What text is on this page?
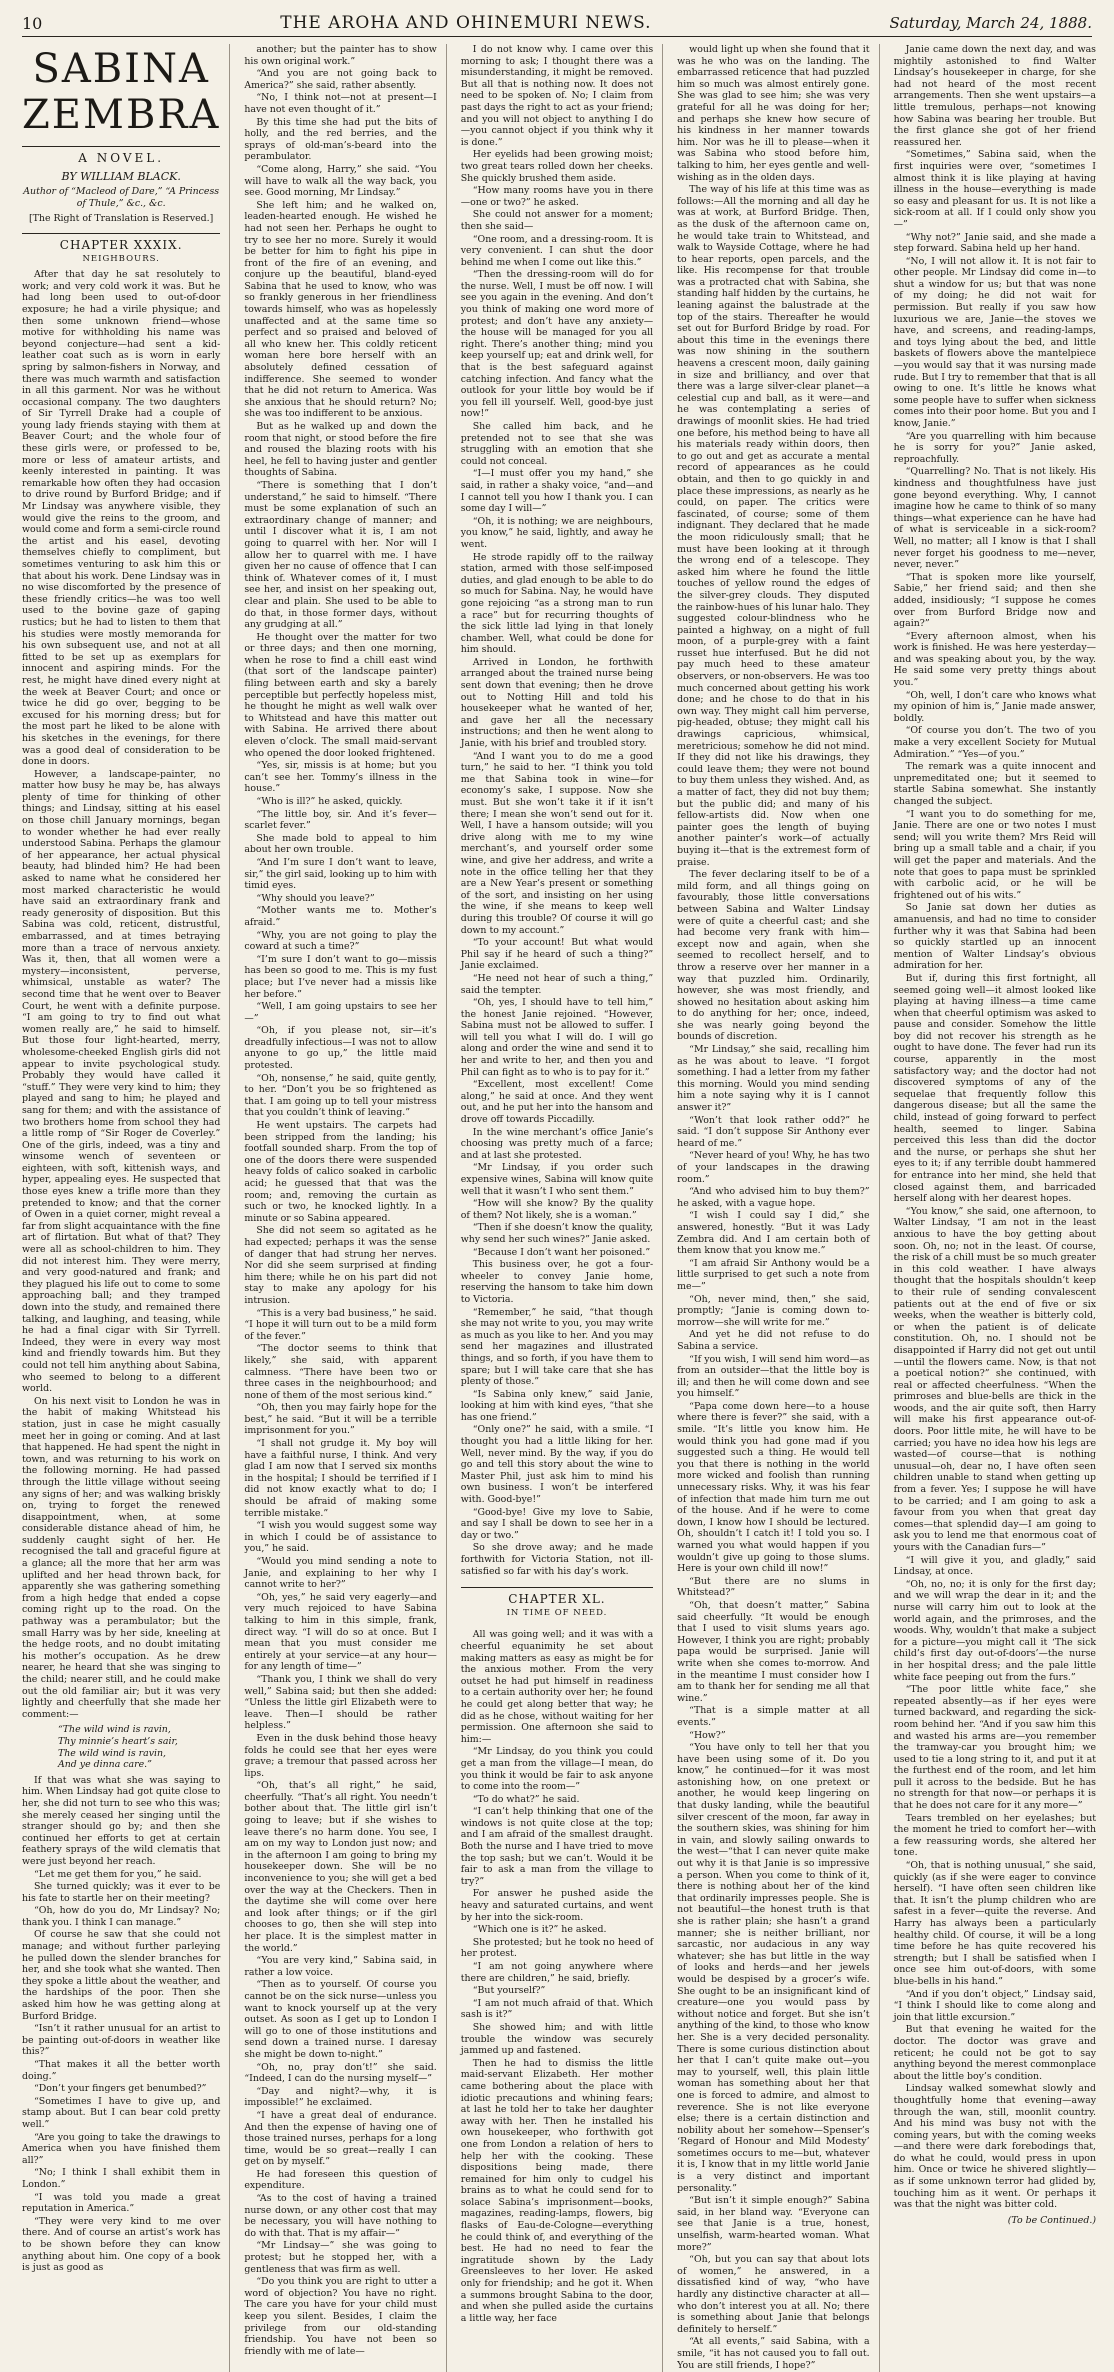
10	THE AROHA AND OHINEMURI NEWS.	Saturday, March 24, 1888.
SABINA ZEMBRA
A NOVEL.
BY WILLIAM BLACK.
Author of “Macleod of Dare,” “A Princess of Thule,” &c., &c.
[The Right of Translation is Reserved.]
CHAPTER XXXIX.
NEIGHBOURS.

After that day he sat resolutely to work; and very cold work it was. But he had long been used to out-of-door exposure; he had a virile physique; and then some unknown friend—whose motive for withholding his name was beyond conjecture—had sent a kid-leather coat such as is worn in early spring by salmon-fishers in Norway, and there was much warmth and satisfaction in all this garment. Nor was he without occasional company. The two daughters of Sir Tyrrell Drake had a couple of young lady friends staying with them at Beaver Court; and the whole four of these girls were, or professed to be, more or less of amateur artists, and keenly interested in painting. It was remarkable how often they had occasion to drive round by Burford Bridge; and if Mr Lindsay was anywhere visible, they would give the reins to the groom, and would come and form a semi-circle round the artist and his easel, devoting themselves chiefly to compliment, but sometimes venturing to ask him this or that about his work. Dene Lindsay was in no wise discomforted by the presence of these friendly critics—he was too well used to the bovine gaze of gaping rustics; but he had to listen to them that his studies were mostly memoranda for his own subsequent use, and not at all fitted to be set up as exemplars for innocent and aspiring minds. For the rest, he might have dined every night at the week at Beaver Court; and once or twice he did go over, begging to be excused for his morning dress; but for the most part he liked to be alone with his sketches in the evenings, for there was a good deal of consideration to be done in doors.

However, a landscape-painter, no matter how busy he may be, has always plenty of time for thinking of other things; and Lindsay, sitting at his easel on those chill January mornings, began to wonder whether he had ever really understood Sabina. Perhaps the glamour of her appearance, her actual physical beauty, had blinded him? He had been asked to name what he considered her most marked characteristic he would have said an extraordinary frank and ready generosity of disposition. But this Sabina was cold, reticent, distrustful, embarrassed, and at times betraying more than a trace of nervous anxiety. Was it, then, that all women were a mystery—inconsistent, perverse, whimsical, unstable as water? The second time that he went over to Beaver Court, he went with a definite purpose. “I am going to try to find out what women really are,” he said to himself. But those four light-hearted, merry, wholesome-cheeked English girls did not appear to invite psychological study. Probably they would have called it “stuff.” They were very kind to him; they played and sang to him; he played and sang for them; and with the assistance of two brothers home from school they had a little romp of “Sir Roger de Coverley.” One of the girls, indeed, was a tiny and winsome wench of seventeen or eighteen, with soft, kittenish ways, and hyper, appealing eyes. He suspected that those eyes knew a trifle more than they pretended to know; and that the corner of Owen in a quiet corner, might reveal a far from slight acquaintance with the fine art of flirtation. But what of that? They were all as school-children to him. They did not interest him. They were merry, and very good-natured and frank; and they plagued his life out to come to some approaching ball; and they tramped down into the study, and remained there talking, and laughing, and teasing, while he had a final cigar with Sir Tyrrell. Indeed, they were in every way most kind and friendly towards him. But they could not tell him anything about Sabina, who seemed to belong to a different world.

On his next visit to London he was in the habit of making Whitstead his station, just in case he might casually meet her in going or coming. And at last that happened. He had spent the night in town, and was returning to his work on the following morning. He had passed through the little village without seeing any signs of her; and was walking briskly on, trying to forget the renewed disappointment, when, at some considerable distance ahead of him, he suddenly caught sight of her. He recognised the tall and graceful figure at a glance; all the more that her arm was uplifted and her head thrown back, for apparently she was gathering something from a high hedge that ended a copse coming right up to the road. On the pathway was a perambulator; but the small Harry was by her side, kneeling at the hedge roots, and no doubt imitating his mother’s occupation. As he drew nearer, he heard that she was singing to the child; nearer still, and he could make out the old familiar air; but it was very lightly and cheerfully that she made her comment:—

“The wild wind is ravin,
Thy minnie’s heart’s sair,
The wild wind is ravin,
And ye dinna care.”

If that was what she was saying to him. When Lindsay had got quite close to her, she did not turn to see who this was; she merely ceased her singing until the stranger should go by; and then she continued her efforts to get at certain feathery sprays of the wild clematis that were just beyond her reach.

“Let me get them for you,” he said.

She turned quickly; was it ever to be his fate to startle her on their meeting?

“Oh, how do you do, Mr Lindsay? No; thank you. I think I can manage.”

Of course he saw that she could not manage; and without further parleying he pulled down the slender branches for her, and she took what she wanted. Then they spoke a little about the weather, and the hardships of the poor. Then she asked him how he was getting along at Burford Bridge.

“Isn’t it rather unusual for an artist to be painting out-of-doors in weather like this?”

“That makes it all the better worth doing.”

“Don’t your fingers get benumbed?”

“Sometimes I have to give up, and stamp about. But I can bear cold pretty well.”

“Are you going to take the drawings to America when you have finished them all?”

“No; I think I shall exhibit them in London.”

“I was told you made a great reputation in America.”

“They were very kind to me over there. And of course an artist’s work has to be shown before they can know anything about him. One copy of a book is just as good as

another; but the painter has to show his own original work.”

“And you are not going back to America?” she said, rather absently.

“No, I think not—not at present—I have not even thought of it.”

By this time she had put the bits of holly, and the red berries, and the sprays of old-man’s-beard into the perambulator.

“Come along, Harry,” she said. “You will have to walk all the way back, you see. Good morning, Mr Lindsay.”

She left him; and he walked on, leaden-hearted enough. He wished he had not seen her. Perhaps he ought to try to see her no more. Surely it would be better for him to fight his pipe in front of the fire of an evening, and conjure up the beautiful, bland-eyed Sabina that he used to know, who was so frankly generous in her friendliness towards himself, who was as hopelessly unaffected and at the same time so perfect and so praised and beloved of all who knew her. This coldly reticent woman here bore herself with an absolutely defined cessation of indifference. She seemed to wonder that he did not return to America. Was she anxious that he should return? No; she was too indifferent to be anxious.

But as he walked up and down the room that night, or stood before the fire and roused the blazing roots with his heel, he fell to having juster and gentler thoughts of Sabina.

“There is something that I don’t understand,” he said to himself. “There must be some explanation of such an extraordinary change of manner; and until I discover what it is, I am not going to quarrel with her. Nor will I allow her to quarrel with me. I have given her no cause of offence that I can think of. Whatever comes of it, I must see her, and insist on her speaking out, clear and plain. She used to be able to do that, in those former days, without any grudging at all.”

He thought over the matter for two or three days; and then one morning, when he rose to find a chill east wind (that sort of the landscape painter) filing between earth and sky a barely perceptible but perfectly hopeless mist, he thought he might as well walk over to Whitstead and have this matter out with Sabina. He arrived there about eleven o’clock. The small maid-servant who opened the door looked frightened.

“Yes, sir, missis is at home; but you can’t see her. Tommy’s illness in the house.”

“Who is ill?” he asked, quickly.

“The little boy, sir. And it’s fever—scarlet fever.”

She made bold to appeal to him about her own trouble.

“And I’m sure I don’t want to leave, sir,” the girl said, looking up to him with timid eyes.

“Why should you leave?”

“Mother wants me to. Mother’s afraid.”

“Why, you are not going to play the coward at such a time?”

“I’m sure I don’t want to go—missis has been so good to me. This is my fust place; but I’ve never had a missis like her before.”

“Well, I am going upstairs to see her—”

“Oh, if you please not, sir—it’s dreadfully infectious—I was not to allow anyone to go up,” the little maid protested.

“Oh, nonsense,” he said, quite gently, to her. “Don’t you be so frightened as that. I am going up to tell your mistress that you couldn’t think of leaving.”

He went upstairs. The carpets had been stripped from the landing; his footfall sounded sharp. From the top of one of the doors there were suspended heavy folds of calico soaked in carbolic acid; he guessed that that was the room; and, removing the curtain as such or two, he knocked lightly. In a minute or so Sabina appeared.

She did not seem so agitated as he had expected; perhaps it was the sense of danger that had strung her nerves. Nor did she seem surprised at finding him there; while he on his part did not stay to make any apology for his intrusion.

“This is a very bad business,” he said. “I hope it will turn out to be a mild form of the fever.”

“The doctor seems to think that likely,” she said, with apparent calmness. “There have been two or three cases in the neighbourhood; and none of them of the most serious kind.”

“Oh, then you may fairly hope for the best,” he said. “But it will be a terrible imprisonment for you.”

“I shall not grudge it. My boy will have a faithful nurse, I think. And very glad I am now that I served six months in the hospital; I should be terrified if I did not know exactly what to do; I should be afraid of making some terrible mistake.”

“I wish you would suggest some way in which I could be of assistance to you,” he said.

“Would you mind sending a note to Janie, and explaining to her why I cannot write to her?”

“Oh, yes,” he said very eagerly—and very much rejoiced to have Sabina talking to him in this simple, frank, direct way. “I will do so at once. But I mean that you must consider me entirely at your service—at any hour—for any length of time—”

“Thank you, I think we shall do very well,” Sabina said; but then she added: “Unless the little girl Elizabeth were to leave. Then—I should be rather helpless.”

Even in the dusk behind those heavy folds he could see that her eyes were grave; a tremour that passed across her lips.

“Oh, that’s all right,” he said, cheerfully. “That’s all right. You needn’t bother about that. The little girl isn’t going to leave; but if she wishes to leave there’s no harm done. You see, I am on my way to London just now; and in the afternoon I am going to bring my housekeeper down. She will be no inconvenience to you; she will get a bed over the way at the Checkers. Then in the daytime she will come over here and look after things; or if the girl chooses to go, then she will step into her place. It is the simplest matter in the world.”

“You are very kind,” Sabina said, in rather a low voice.

“Then as to yourself. Of course you cannot be on the sick nurse—unless you want to knock yourself up at the very outset. As soon as I get up to London I will go to one of those institutions and send down a trained nurse. I daresay she might be down to-night.”

“Oh, no, pray don’t!” she said. “Indeed, I can do the nursing myself—”

“Day and night?—why, it is impossible!” he exclaimed.

“I have a great deal of endurance. And then the expense of having one of those trained nurses, perhaps for a long time, would be so great—really I can get on by myself.”

He had foreseen this question of expenditure.

“As to the cost of having a trained nurse down, or any other cost that may be necessary, you will have nothing to do with that. That is my affair—”

“Mr Lindsay—” she was going to protest; but he stopped her, with a gentleness that was firm as well.

“Do you think you are right to utter a word of objection? You have no right. The care you have for your child must keep you silent. Besides, I claim the privilege from our old-standing friendship. You have not been so friendly with me of late—

I do not know why. I came over this morning to ask; I thought there was a misunderstanding, it might be removed. But all that is nothing now. It does not need to be spoken of. No; I claim from past days the right to act as your friend; and you will not object to anything I do—you cannot object if you think why it is done.”

Her eyelids had been growing moist; two great tears rolled down her cheeks. She quickly brushed them aside.

“How many rooms have you in there—one or two?” he asked.

She could not answer for a moment; then she said—

“One room, and a dressing-room. It is very convenient. I can shut the door behind me when I come out like this.”

“Then the dressing-room will do for the nurse. Well, I must be off now. I will see you again in the evening. And don’t you think of making one word more of protest; and don’t have any anxiety—the house will be managed for you all right. There’s another thing; mind you keep yourself up; eat and drink well, for that is the best safeguard against catching infection. And fancy what the outlook for your little boy would be if you fell ill yourself. Well, good-bye just now!”

She called him back, and he pretended not to see that she was struggling with an emotion that she could not conceal.

“I—I must offer you my hand,” she said, in rather a shaky voice, “and—and I cannot tell you how I thank you. I can some day I will—”

“Oh, it is nothing; we are neighbours, you know,” he said, lightly, and away he went.

He strode rapidly off to the railway station, armed with those self-imposed duties, and glad enough to be able to do so much for Sabina. Nay, he would have gone rejoicing “as a strong man to run a race” but for recurring thoughts of the sick little lad lying in that lonely chamber. Well, what could be done for him should.

Arrived in London, he forthwith arranged about the trained nurse being sent down that evening; then he drove out to Notting Hill and told his housekeeper what he wanted of her, and gave her all the necessary instructions; and then he went along to Janie, with his brief and troubled story.

“And I want you to do me a good turn,” he said to her. “I think you told me that Sabina took in wine—for economy’s sake, I suppose. Now she must. But she won’t take it if it isn’t there; I mean she won’t send out for it. Well, I have a hansom outside; will you drive along with me to my wine merchant’s, and yourself order some wine, and give her address, and write a note in the office telling her that they are a New Year’s present or something of the sort, and insisting on her using the wine, if she means to keep well during this trouble? Of course it will go down to my account.”

“To your account! But what would Phil say if he heard of such a thing?” Janie exclaimed.

“He need not hear of such a thing,” said the tempter.

“Oh, yes, I should have to tell him,” the honest Janie rejoined. “However, Sabina must not be allowed to suffer. I will tell you what I will do. I will go along and order the wine and send it to her and write to her, and then you and Phil can fight as to who is to pay for it.”

“Excellent, most excellent! Come along,” he said at once. And they went out, and he put her into the hansom and drove off towards Piccadilly.

In the wine merchant’s office Janie’s choosing was pretty much of a farce; and at last she protested.

“Mr Lindsay, if you order such expensive wines, Sabina will know quite well that it wasn’t I who sent them.”

“How will she know? By the quality of them? Not likely, she is a woman.”

“Then if she doesn’t know the quality, why send her such wines?” Janie asked.

“Because I don’t want her poisoned.”

This business over, he got a four-wheeler to convey Janie home, reserving the hansom to take him down to Victoria.

“Remember,” he said, “that though she may not write to you, you may write as much as you like to her. And you may send her magazines and illustrated things, and so forth, if you have them to spare; but I will take care that she has plenty of those.”

“Is Sabina only knew,” said Janie, looking at him with kind eyes, “that she has one friend.”

“Only one?” he said, with a smile. “I thought you had a little liking for her. Well, never mind. By the way, if you do go and tell this story about the wine to Master Phil, just ask him to mind his own business. I won’t be interfered with. Good-bye!”

“Good-bye! Give my love to Sabie, and say I shall be down to see her in a day or two.”

So she drove away; and he made forthwith for Victoria Station, not ill-satisfied so far with his day’s work.

CHAPTER XL.
IN TIME OF NEED.

All was going well; and it was with a cheerful equanimity he set about making matters as easy as might be for the anxious mother. From the very outset he had put himself in readiness to a certain authority over her; he found he could get along better that way; he did as he chose, without waiting for her permission. One afternoon she said to him:—

“Mr Lindsay, do you think you could get a man from the village—I mean, do you think it would be fair to ask anyone to come into the room—”

“To do what?” he said.

“I can’t help thinking that one of the windows is not quite close at the top; and I am afraid of the smallest draught. Both the nurse and I have tried to move the top sash; but we can’t. Would it be fair to ask a man from the village to try?”

For answer he pushed aside the heavy and saturated curtains, and went by her into the sick-room.

“Which one is it?” he asked.

She protested; but he took no heed of her protest.

“I am not going anywhere where there are children,” he said, briefly.

“But yourself?”

“I am not much afraid of that. Which sash is it?”

She showed him; and with little trouble the window was securely jammed up and fastened.

Then he had to dismiss the little maid-servant Elizabeth. Her mother came bothering about the place with idiotic precautions and whining fears; at last he told her to take her daughter away with her. Then he installed his own housekeeper, who forthwith got one from London a relation of hers to help her with the cooking. These dispositions being made, there remained for him only to cudgel his brains as to what he could send for to solace Sabina’s imprisonment—books, magazines, reading-lamps, flowers, big flasks of Eau-de-Cologne—everything he could think of, and everything of the best. He had no need to fear the ingratitude shown by the Lady Greensleeves to her lover. He asked only for friendship; and he got it. When a summons brought Sabina to the door, and when she pulled aside the curtains a little way, her face

would light up when she found that it was he who was on the landing. The embarrassed reticence that had puzzled him so much was almost entirely gone. She was glad to see him; she was very grateful for all he was doing for her; and perhaps she knew how secure of his kindness in her manner towards him. Nor was he ill to please—when it was Sabina who stood before him, talking to him, her eyes gentle and well-wishing as in the olden days.

The way of his life at this time was as follows:—All the morning and all day he was at work, at Burford Bridge. Then, as the dusk of the afternoon came on, he would take train to Whitstead, and walk to Wayside Cottage, where he had to hear reports, open parcels, and the like. His recompense for that trouble was a protracted chat with Sabina, she standing half hidden by the curtains, he leaning against the balustrade at the top of the stairs. Thereafter he would set out for Burford Bridge by road. For about this time in the evenings there was now shining in the southern heavens a crescent moon, daily gaining in size and brilliancy, and over that there was a large silver-clear planet—a celestial cup and ball, as it were—and he was contemplating a series of drawings of moonlit skies. He had tried one before, his method being to have all his materials ready within doors, then to go out and get as accurate a mental record of appearances as he could obtain, and then to go quickly in and place these impressions, as nearly as he could, on paper. The critics were fascinated, of course; some of them indignant. They declared that he made the moon ridiculously small; that he must have been looking at it through the wrong end of a telescope. They asked him where he found the little touches of yellow round the edges of the silver-grey clouds. They disputed the rainbow-hues of his lunar halo. They suggested colour-blindness who he painted a highway, on a night of full moon, of a purple-grey with a faint russet hue interfused. But he did not pay much heed to these amateur observers, or non-observers. He was too much concerned about getting his work done; and he chose to do that in his own way. They might call him perverse, pig-headed, obtuse; they might call his drawings capricious, whimsical, meretricious; somehow he did not mind. If they did not like his drawings, they could leave them; they were not bound to buy them unless they wished. And, as a matter of fact, they did not buy them; but the public did; and many of his fellow-artists did. Now when one painter goes the length of buying another painter’s work—of actually buying it—that is the extremest form of praise.

The fever declaring itself to be of a mild form, and all things going on favourably, those little conversations between Sabina and Walter Lindsay were of quite a cheerful cast; and she had become very frank with him—except now and again, when she seemed to recollect herself, and to throw a reserve over her manner in a way that puzzled him. Ordinarily, however, she was most friendly, and showed no hesitation about asking him to do anything for her; once, indeed, she was nearly going beyond the bounds of discretion.

“Mr Lindsay,” she said, recalling him as he was about to leave. “I forgot something. I had a letter from my father this morning. Would you mind sending him a note saying why it is I cannot answer it?”

“Won’t that look rather odd?” he said. “I don’t suppose Sir Anthony ever heard of me.”

“Never heard of you! Why, he has two of your landscapes in the drawing room.”

“And who advised him to buy them?” he asked, with a vague hope.

“I wish I could say I did,” she answered, honestly. “But it was Lady Zembra did. And I am certain both of them know that you know me.”

“I am afraid Sir Anthony would be a little surprised to get such a note from me—”

“Oh, never mind, then,” she said, promptly; “Janie is coming down to-morrow—she will write for me.”

And yet he did not refuse to do Sabina a service.

“If you wish, I will send him word—as from an outsider—that the little boy is ill; and then he will come down and see you himself.”

“Papa come down here—to a house where there is fever?” she said, with a smile. “It’s little you know him. He would think you had gone mad if you suggested such a thing. He would tell you that there is nothing in the world more wicked and foolish than running unnecessary risks. Why, it was his fear of infection that made him turn me out of the house. And if he were to come down, I know how I should be lectured. Oh, shouldn’t I catch it! I told you so. I warned you what would happen if you wouldn’t give up going to those slums. Here is your own child ill now!”

“But there are no slums in Whitstead?”

“Oh, that doesn’t matter,” Sabina said cheerfully. “It would be enough that I used to visit slums years ago. However, I think you are right; probably papa would be surprised. Janie will write when she comes to-morrow. And in the meantime I must consider how I am to thank her for sending me all that wine.”

“That is a simple matter at all events.”

“How?”

“You have only to tell her that you have been using some of it. Do you know,” he continued—for it was most astonishing how, on one pretext or another, he would keep lingering on that dusky landing, while the beautiful silver crescent of the moon, far away in the southern skies, was shining for him in vain, and slowly sailing onwards to the west—“that I can never quite make out why it is that Janie is so impressive a person. When you come to think of it, there is nothing about her of the kind that ordinarily impresses people. She is not beautiful—the honest truth is that she is rather plain; she hasn’t a grand manner; she is neither brilliant, nor sarcastic, nor audacious in any way whatever; she has but little in the way of looks and herds—and her jewels would be despised by a grocer’s wife. She ought to be an insignificant kind of creature—one you would pass by without notice and forget. But she isn’t anything of the kind, to those who know her. She is a very decided personality. There is some curious distinction about her that I can’t quite make out—you may to yourself, well, this plain little woman has something about her that one is forced to admire, and almost to reverence. She is not like everyone else; there is a certain distinction and nobility about her somehow—Spenser’s ‘Regard of Honour and Mild Modesty’ sometimes occurs to me—but, whatever it is, I know that in my little world Janie is a very distinct and important personality.”

“But isn’t it simple enough?” Sabina said, in her bland way. “Everyone can see that Janie is a true, honest, unselfish, warm-hearted woman. What more?”

“Oh, but you can say that about lots of women,” he answered, in a dissatisfied kind of way, “who have hardly any distinctive character at all—who don’t interest you at all. No; there is something about Janie that belongs definitely to herself.”

“At all events,” said Sabina, with a smile, “it has not caused you to fall out. You are still friends, I hope?”

Janie came down the next day, and was mightily astonished to find Walter Lindsay’s housekeeper in charge, for she had not heard of the most recent arrangements. Then she went upstairs—a little tremulous, perhaps—not knowing how Sabina was bearing her trouble. But the first glance she got of her friend reassured her.

“Sometimes,” Sabina said, when the first inquiries were over, “sometimes I almost think it is like playing at having illness in the house—everything is made so easy and pleasant for us. It is not like a sick-room at all. If I could only show you—”

“Why not?” Janie said, and she made a step forward. Sabina held up her hand.

“No, I will not allow it. It is not fair to other people. Mr Lindsay did come in—to shut a window for us; but that was none of my doing; he did not wait for permission. But really if you saw how luxurious we are, Janie—the stoves we have, and screens, and reading-lamps, and toys lying about the bed, and little baskets of flowers above the mantelpiece—you would say that it was nursing made rude. But I try to remember that that is all owing to one. It’s little he knows what some people have to suffer when sickness comes into their poor home. But you and I know, Janie.”

“Are you quarrelling with him because he is sorry for you?” Janie asked, reproachfully.

“Quarrelling? No. That is not likely. His kindness and thoughtfulness have just gone beyond everything. Why, I cannot imagine how he came to think of so many things—what experience can he have had of what is serviceable in a sick-room? Well, no matter; all I know is that I shall never forget his goodness to me—never, never, never.”

“That is spoken more like yourself, Sabie,” her friend said; and then she added, insidiously; “I suppose he comes over from Burford Bridge now and again?”

“Every afternoon almost, when his work is finished. He was here yesterday—and was speaking about you, by the way. He said some very pretty things about you.”

“Oh, well, I don’t care who knows what my opinion of him is,” Janie made answer, boldly.

“Of course you don’t. The two of you make a very excellent Society for Mutual Admiration.” “Yes—of you.”

The remark was a quite innocent and unpremeditated one; but it seemed to startle Sabina somewhat. She instantly changed the subject.

“I want you to do something for me, Janie. There are one or two notes I must send; will you write them? Mrs Reid will bring up a small table and a chair, if you will get the paper and materials. And the note that goes to papa must be sprinkled with carbolic acid, or he will be frightened out of his wits.”

So Janie sat down her duties as amanuensis, and had no time to consider further why it was that Sabina had been so quickly startled up an innocent mention of Walter Lindsay’s obvious admiration for her.

But if, during this first fortnight, all seemed going well—it almost looked like playing at having illness—a time came when that cheerful optimism was asked to pause and consider. Somehow the little boy did not recover his strength as he ought to have done. The fever had run its course, apparently in the most satisfactory way; and the doctor had not discovered symptoms of any of the sequelae that frequently follow this dangerous disease; but all the same the child, instead of going forward to perfect health, seemed to linger. Sabina perceived this less than did the doctor and the nurse, or perhaps she shut her eyes to it; if any terrible doubt hammered for entrance into her mind, she held that closed against them, and barricaded herself along with her dearest hopes.

“You know,” she said, one afternoon, to Walter Lindsay, “I am not in the least anxious to have the boy getting about soon. Oh, no; not in the least. Of course, the risk of a chill must be so much greater in this cold weather. I have always thought that the hospitals shouldn’t keep to their rule of sending convalescent patients out at the end of five or six weeks, when the weather is bitterly cold, or when the patient is of delicate constitution. Oh, no. I should not be disappointed if Harry did not get out until—until the flowers came. Now, is that not a poetical notion?” she continued, with real or affected cheerfulness. “When the primroses and blue-bells are thick in the woods, and the air quite soft, then Harry will make his first appearance out-of-doors. Poor little mite, he will have to be carried; you have no idea how his legs are wasted—of course—that is nothing unusual—oh, dear no, I have often seen children unable to stand when getting up from a fever. Yes; I suppose he will have to be carried; and I am going to ask a favour from you when that great day comes—that splendid day—I am going to ask you to lend me that enormous coat of yours with the Canadian furs—”

“I will give it you, and gladly,” said Lindsay, at once.

“Oh, no, no; it is only for the first day; and we will wrap the dear in it; and the nurse will carry him out to look at the world again, and the primroses, and the woods. Why, wouldn’t that make a subject for a picture—you might call it ‘The sick child’s first day out-of-doors’—the nurse in her hospital dress; and the pale little white face peeping out from the furs.”

“The poor little white face,” she repeated absently—as if her eyes were turned backward, and regarding the sick-room behind her. “And if you saw him this and wasted his arms are—you remember the tramway-car you brought him; we used to tie a long string to it, and put it at the furthest end of the room, and let him pull it across to the bedside. But he has no strength for that now—or perhaps it is that he does not care for it any more—”

Tears trembled on her eyelashes; but the moment he tried to comfort her—with a few reassuring words, she altered her tone.

“Oh, that is nothing unusual,” she said, quickly (as if she were eager to convince herself). “I have often seen children like that. It isn’t the plump children who are safest in a fever—quite the reverse. And Harry has always been a particularly healthy child. Of course, it will be a long time before he has quite recovered his strength; but I shall be satisfied when I once see him out-of-doors, with some blue-bells in his hand.”

“And if you don’t object,” Lindsay said, “I think I should like to come along and join that little excursion.”

But that evening he waited for the doctor. The doctor was grave and reticent; he could not be got to say anything beyond the merest commonplace about the little boy’s condition.

Lindsay walked somewhat slowly and thoughtfully home that evening—away through the wan, still, moonlit country. And his mind was busy not with the coming years, but with the coming weeks—and there were dark forebodings that, do what he could, would press in upon him. Once or twice he shivered slightly—as if some unknown terror had glided by, touching him as it went. Or perhaps it was that the night was bitter cold.

(To be Continued.)
